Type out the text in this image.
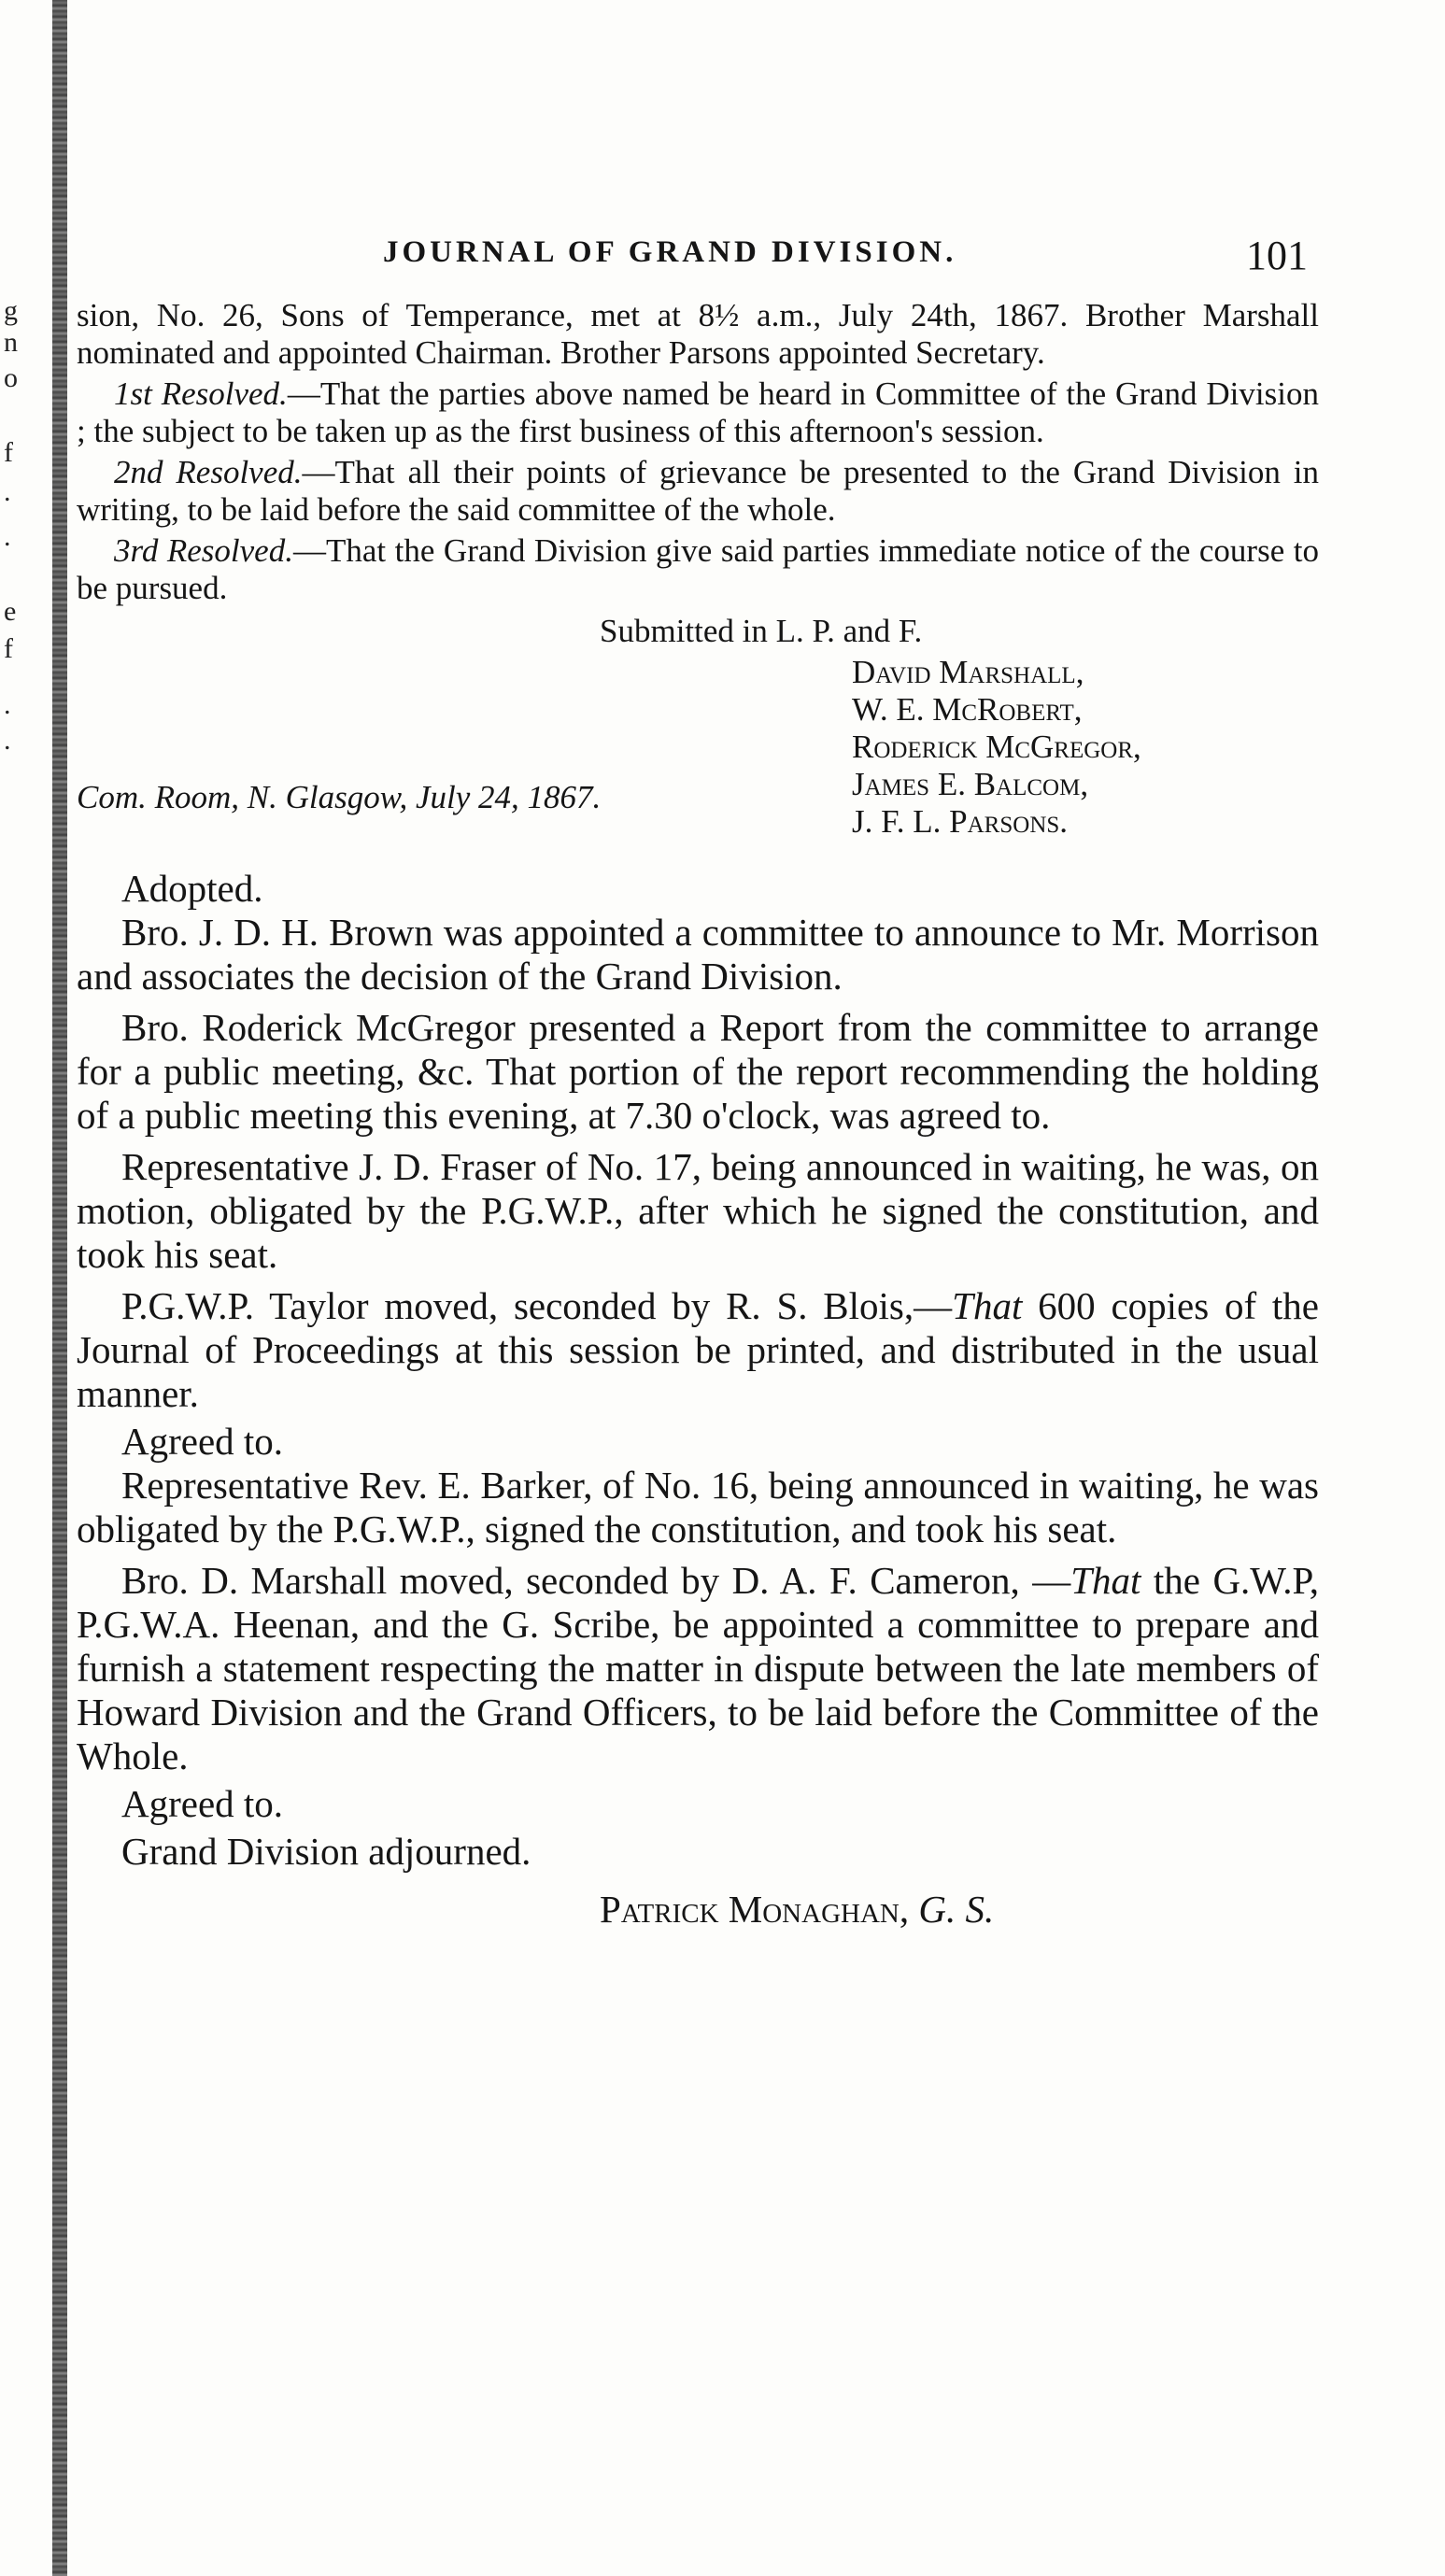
g
n
o
f
.
.
e
f
.
.
JOURNAL OF GRAND DIVISION.	101

sion, No. 26, Sons of Temperance, met at 8½ a.m., July 24th, 1867. Brother Marshall nominated and appointed Chairman. Brother Parsons appointed Secretary.

1st Resolved.—That the parties above named be heard in Committee of the Grand Division ; the subject to be taken up as the first business of this afternoon's session.

2nd Resolved.—That all their points of grievance be presented to the Grand Division in writing, to be laid before the said committee of the whole.

3rd Resolved.—That the Grand Division give said parties immediate notice of the course to be pursued.

Submitted in L. P. and F.
David Marshall,
W. E. McRobert,
Roderick McGregor,
James E. Balcom,
J. F. L. Parsons.
Com. Room, N. Glasgow, July 24, 1867.

Adopted.

Bro. J. D. H. Brown was appointed a committee to announce to Mr. Morrison and associates the decision of the Grand Division.

Bro. Roderick McGregor presented a Report from the committee to arrange for a public meeting, &c. That portion of the report recommending the holding of a public meeting this evening, at 7.30 o'clock, was agreed to.

Representative J. D. Fraser of No. 17, being announced in waiting, he was, on motion, obligated by the P.G.W.P., after which he signed the constitution, and took his seat.

P.G.W.P. Taylor moved, seconded by R. S. Blois,—That 600 copies of the Journal of Proceedings at this session be printed, and distributed in the usual manner.

Agreed to.

Representative Rev. E. Barker, of No. 16, being announced in waiting, he was obligated by the P.G.W.P., signed the constitution, and took his seat.

Bro. D. Marshall moved, seconded by D. A. F. Cameron, —That the G.W.P, P.G.W.A. Heenan, and the G. Scribe, be appointed a committee to prepare and furnish a statement respecting the matter in dispute between the late members of Howard Division and the Grand Officers, to be laid before the Committee of the Whole.

Agreed to.

Grand Division adjourned.

Patrick Monaghan, G. S.
